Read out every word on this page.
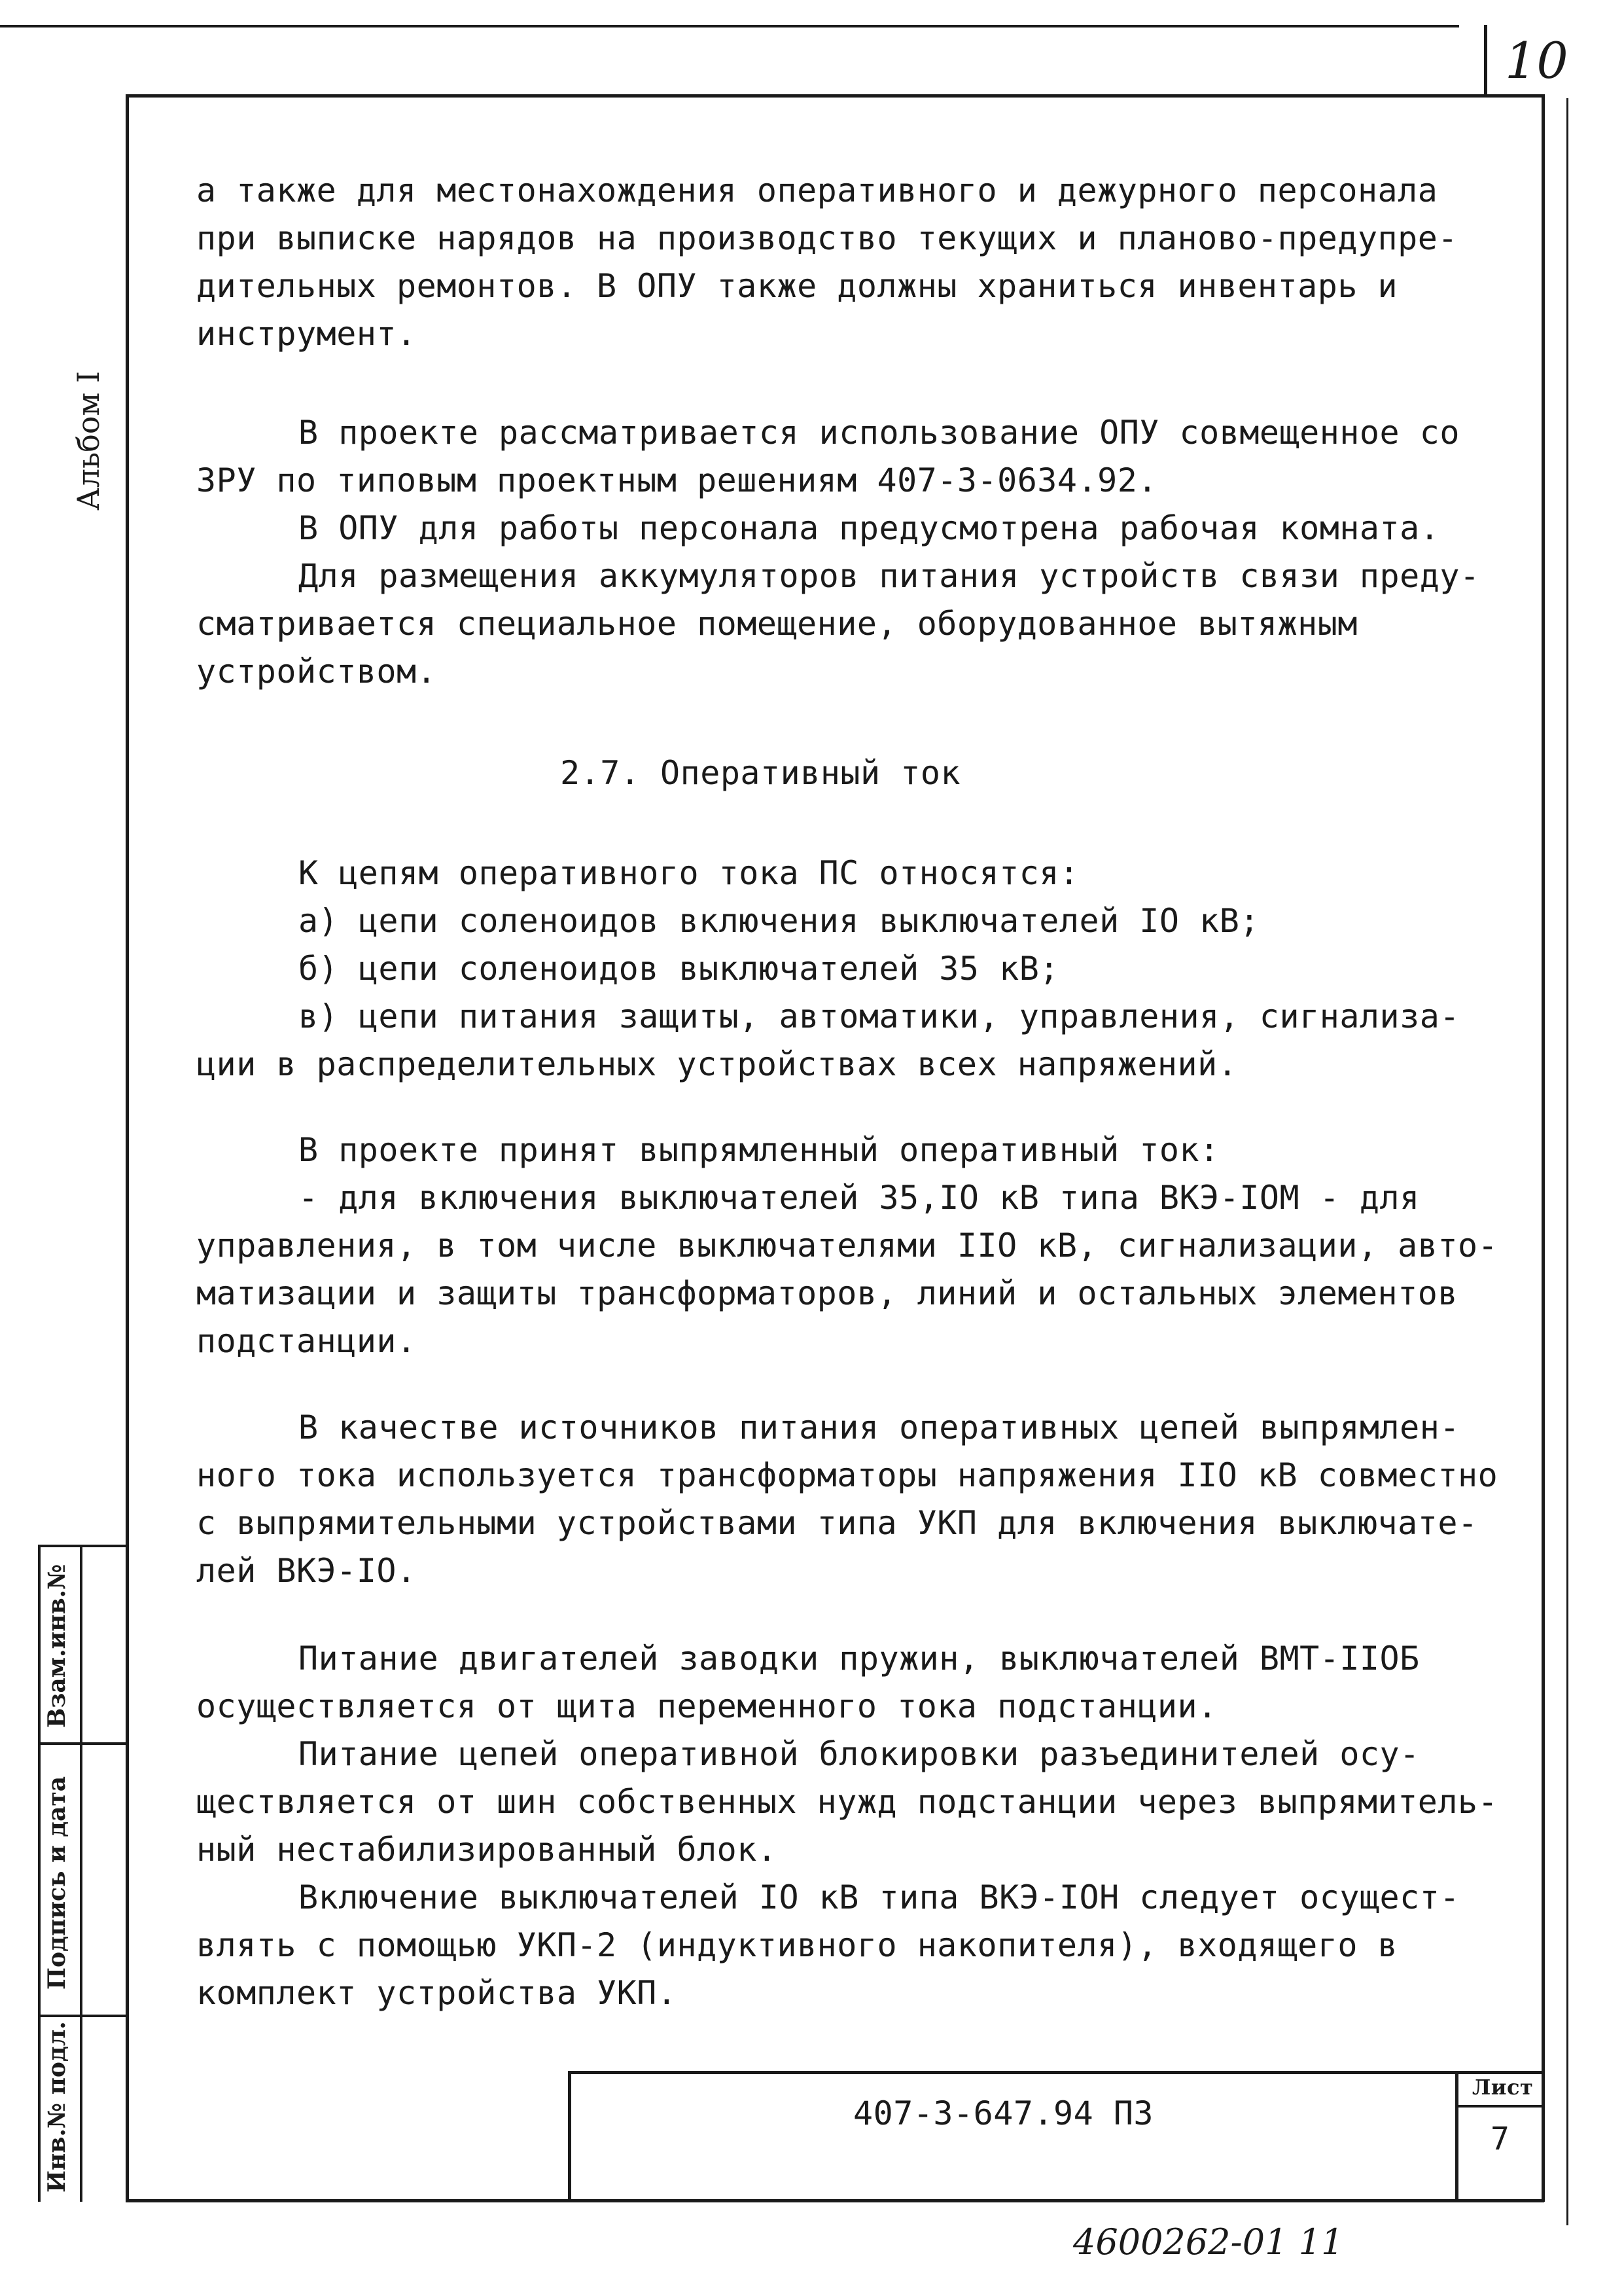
10
Альбом I
Взам.инв.№
Подпись и дата
Инв.№ подл.
а также для местонахождения оперативного и дежурного персонала
при выписке нарядов на производство текущих и планово-предупре-
дительных ремонтов. В ОПУ также должны храниться инвентарь и
инструмент.
В проекте рассматривается использование ОПУ совмещенное со
ЗРУ по типовым проектным решениям 407-3-0634.92.
В ОПУ для работы персонала предусмотрена рабочая комната.
Для размещения аккумуляторов питания устройств связи преду-
сматривается специальное помещение, оборудованное вытяжным
устройством.
2.7. Оперативный ток
К цепям оперативного тока ПС относятся:
а) цепи соленоидов включения выключателей IO кВ;
б) цепи соленоидов выключателей 35 кВ;
в) цепи питания защиты, автоматики, управления, сигнализа-
ции в распределительных устройствах всех напряжений.
В проекте принят выпрямленный оперативный ток:
- для включения выключателей 35,IO кВ типа ВКЭ-IOM - для
управления, в том числе выключателями IIO кВ, сигнализации, авто-
матизации и защиты трансформаторов, линий и остальных элементов
подстанции.
В качестве источников питания оперативных цепей выпрямлен-
ного тока используется трансформаторы напряжения IIO кВ совместно
с выпрямительными устройствами типа УКП для включения выключате-
лей ВКЭ-IO.
Питание двигателей заводки пружин, выключателей ВМТ-IIОБ
осуществляется от щита переменного тока подстанции.
Питание цепей оперативной блокировки разъединителей осу-
ществляется от шин собственных нужд подстанции через выпрямитель-
ный нестабилизированный блок.
Включение выключателей IO кВ типа ВКЭ-IOH следует осущест-
влять с помощью УКП-2 (индуктивного накопителя), входящего в
комплект устройства УКП.
407-3-647.94 ПЗ
Лист
7
4600262-01 11
